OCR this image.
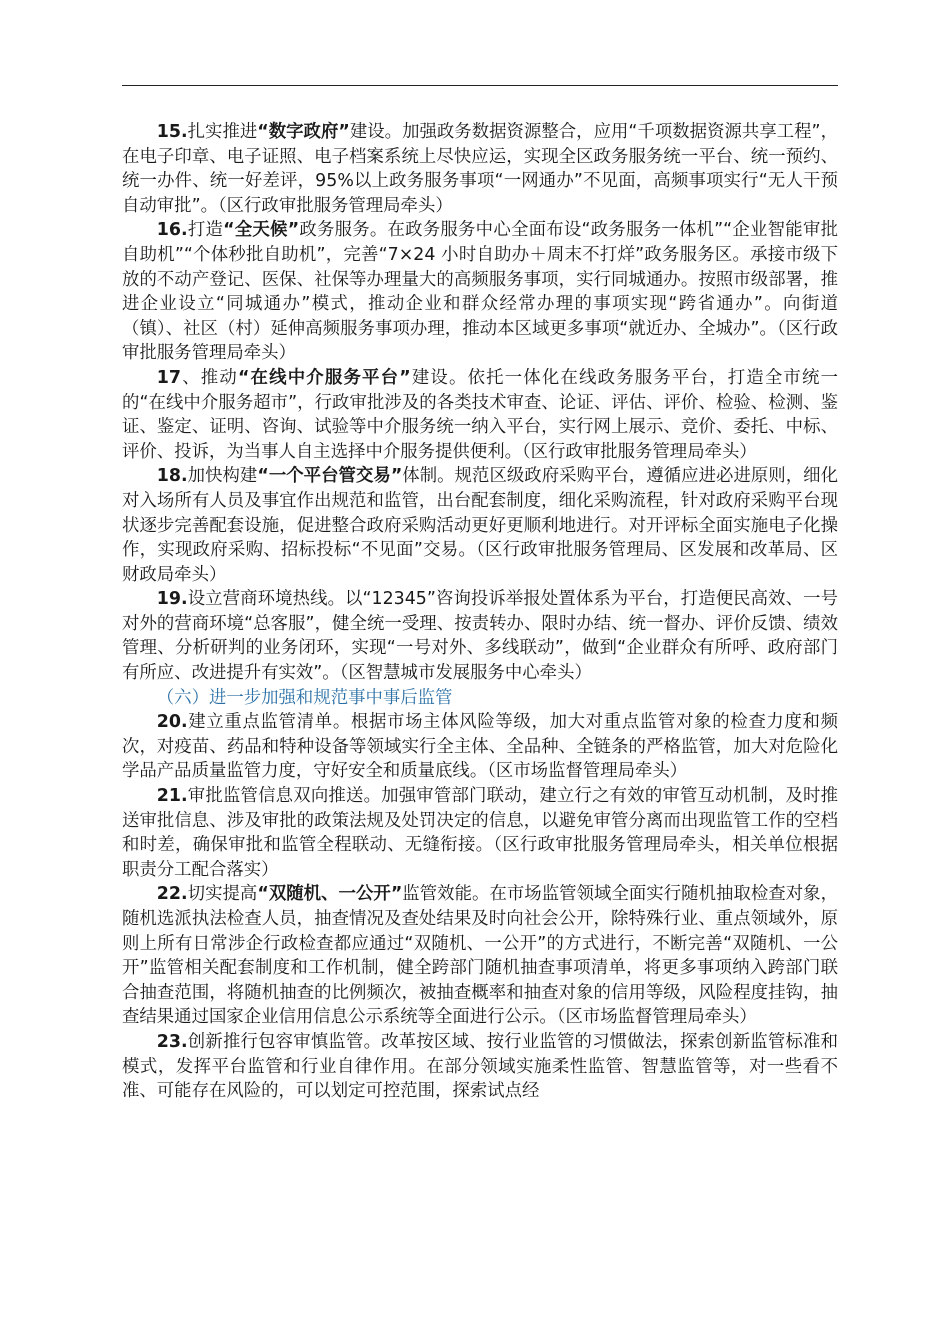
15.扎实推进“数字政府”建设。加强政务数据资源整合，应用“千项数据资源共享工程”，在电子印章、电子证照、电子档案系统上尽快应运，实现全区政务服务统一平台、统一预约、统一办件、统一好差评，95%以上政务服务事项“一网通办”不见面，高频事项实行“无人干预自动审批”。（区行政审批服务管理局牵头）

16.打造“全天候”政务服务。在政务服务中心全面布设“政务服务一体机”“企业智能审批自助机”“个体秒批自助机”，完善“7×24 小时自助办＋周末不打烊”政务服务区。承接市级下放的不动产登记、医保、社保等办理量大的高频服务事项，实行同城通办。按照市级部署，推进企业设立“同城通办”模式，推动企业和群众经常办理的事项实现“跨省通办”。向街道（镇）、社区（村）延伸高频服务事项办理，推动本区域更多事项“就近办、全城办”。（区行政审批服务管理局牵头）

17、推动“在线中介服务平台”建设。依托一体化在线政务服务平台，打造全市统一的“在线中介服务超市”，行政审批涉及的各类技术审查、论证、评估、评价、检验、检测、鉴证、鉴定、证明、咨询、试验等中介服务统一纳入平台，实行网上展示、竞价、委托、中标、评价、投诉，为当事人自主选择中介服务提供便利。（区行政审批服务管理局牵头）

18.加快构建“一个平台管交易”体制。规范区级政府采购平台，遵循应进必进原则，细化对入场所有人员及事宜作出规范和监管，出台配套制度，细化采购流程，针对政府采购平台现状逐步完善配套设施，促进整合政府采购活动更好更顺利地进行。对开评标全面实施电子化操作，实现政府采购、招标投标“不见面”交易。（区行政审批服务管理局、区发展和改革局、区财政局牵头）

19.设立营商环境热线。以“12345”咨询投诉举报处置体系为平台，打造便民高效、一号对外的营商环境“总客服”，健全统一受理、按责转办、限时办结、统一督办、评价反馈、绩效管理、分析研判的业务闭环，实现“一号对外、多线联动”，做到“企业群众有所呼、政府部门有所应、改进提升有实效”。（区智慧城市发展服务中心牵头）

（六）进一步加强和规范事中事后监管

20.建立重点监管清单。根据市场主体风险等级，加大对重点监管对象的检查力度和频次，对疫苗、药品和特种设备等领域实行全主体、全品种、全链条的严格监管，加大对危险化学品产品质量监管力度，守好安全和质量底线。（区市场监督管理局牵头）

21.审批监管信息双向推送。加强审管部门联动，建立行之有效的审管互动机制，及时推送审批信息、涉及审批的政策法规及处罚决定的信息，以避免审管分离而出现监管工作的空档和时差，确保审批和监管全程联动、无缝衔接。（区行政审批服务管理局牵头，相关单位根据职责分工配合落实）

22.切实提高“双随机、一公开”监管效能。在市场监管领域全面实行随机抽取检查对象，随机选派执法检查人员，抽查情况及查处结果及时向社会公开，除特殊行业、重点领域外，原则上所有日常涉企行政检查都应通过“双随机、一公开”的方式进行，不断完善“双随机、一公开”监管相关配套制度和工作机制，健全跨部门随机抽查事项清单，将更多事项纳入跨部门联合抽查范围，将随机抽查的比例频次，被抽查概率和抽查对象的信用等级，风险程度挂钩，抽查结果通过国家企业信用信息公示系统等全面进行公示。（区市场监督管理局牵头）

23.创新推行包容审慎监管。改革按区域、按行业监管的习惯做法，探索创新监管标准和模式，发挥平台监管和行业自律作用。在部分领域实施柔性监管、智慧监管等，对一些看不准、可能存在风险的，可以划定可控范围，探索试点经
